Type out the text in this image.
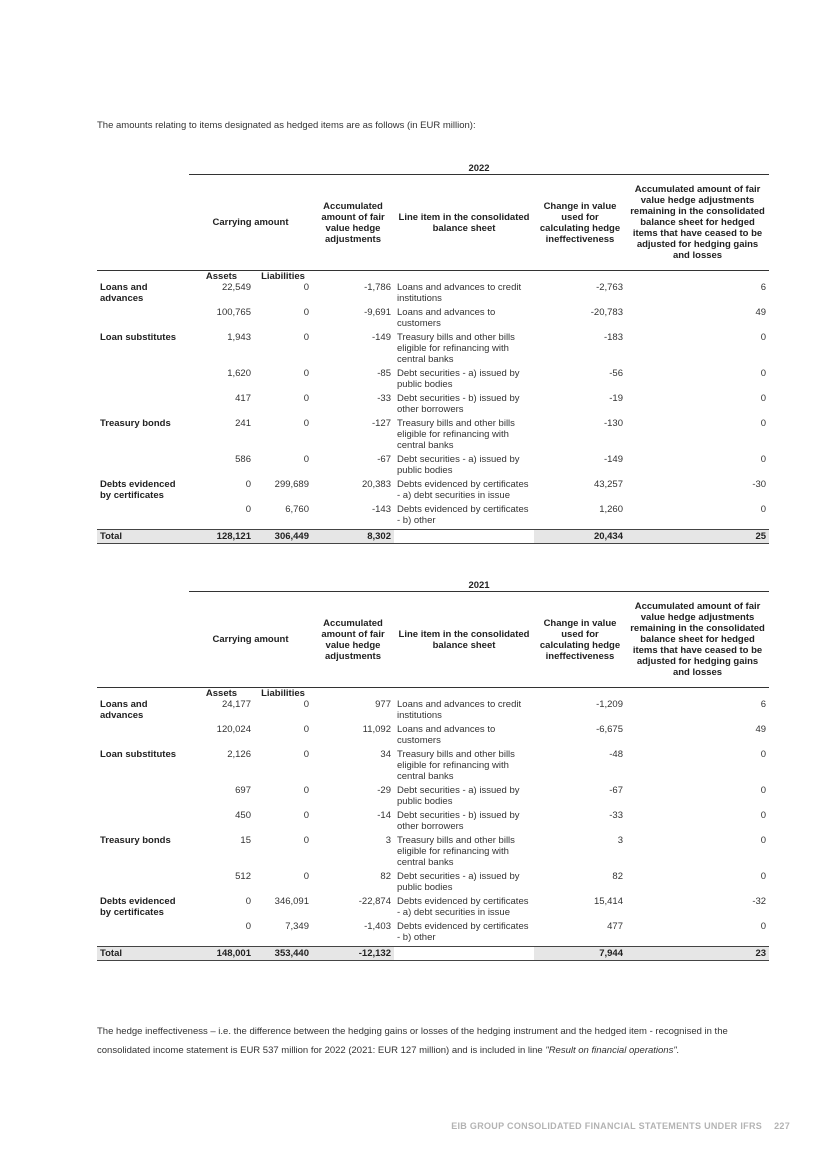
The amounts relating to items designated as hedged items are as follows (in EUR million):
	2022					
	Carrying amount		Accumulated amount of fair value hedge adjustments	Line item in the consolidated balance sheet	Change in value used for calculating hedge ineffectiveness	Accumulated amount of fair value hedge adjustments remaining in the consolidated balance sheet for hedged items that have ceased to be adjusted for hedging gains and losses
	Assets	Liabilities				
Loans and advances	22,549	0	-1,786	Loans and advances to credit institutions	-2,763	6

	100,765	0	-9,691	Loans and advances to customers	-20,783	49

Loan substitutes	1,943	0	-149	Treasury bills and other bills eligible for refinancing with central banks	-183	0

	1,620	0	-85	Debt securities - a) issued by public bodies	-56	0

	417	0	-33	Debt securities - b) issued by other borrowers	-19	0

Treasury bonds	241	0	-127	Treasury bills and other bills eligible for refinancing with central banks	-130	0

	586	0	-67	Debt securities - a) issued by public bodies	-149	0

Debts evidenced by certificates	0	299,689	20,383	Debts evidenced by certificates - a) debt securities in issue	43,257	-30

	0	6,760	-143	Debts evidenced by certificates - b) other	1,260	0

Total	128,121	306,449	8,302		20,434	25
	2021					
	Carrying amount		Accumulated amount of fair value hedge adjustments	Line item in the consolidated balance sheet	Change in value used for calculating hedge ineffectiveness	Accumulated amount of fair value hedge adjustments remaining in the consolidated balance sheet for hedged items that have ceased to be adjusted for hedging gains and losses
	Assets	Liabilities				
Loans and advances	24,177	0	977	Loans and advances to credit institutions	-1,209	6

	120,024	0	11,092	Loans and advances to customers	-6,675	49

Loan substitutes	2,126	0	34	Treasury bills and other bills eligible for refinancing with central banks	-48	0

	697	0	-29	Debt securities - a) issued by public bodies	-67	0

	450	0	-14	Debt securities - b) issued by other borrowers	-33	0

Treasury bonds	15	0	3	Treasury bills and other bills eligible for refinancing with central banks	3	0

	512	0	82	Debt securities - a) issued by public bodies	82	0

Debts evidenced by certificates	0	346,091	-22,874	Debts evidenced by certificates - a) debt securities in issue	15,414	-32

	0	7,349	-1,403	Debts evidenced by certificates - b) other	477	0

Total	148,001	353,440	-12,132		7,944	23
The hedge ineffectiveness – i.e. the difference between the hedging gains or losses of the hedging instrument and the hedged item - recognised in the consolidated income statement is EUR 537 million for 2022 (2021: EUR 127 million) and is included in line "Result on financial operations".
EIB GROUP CONSOLIDATED FINANCIAL STATEMENTS UNDER IFRS 227
